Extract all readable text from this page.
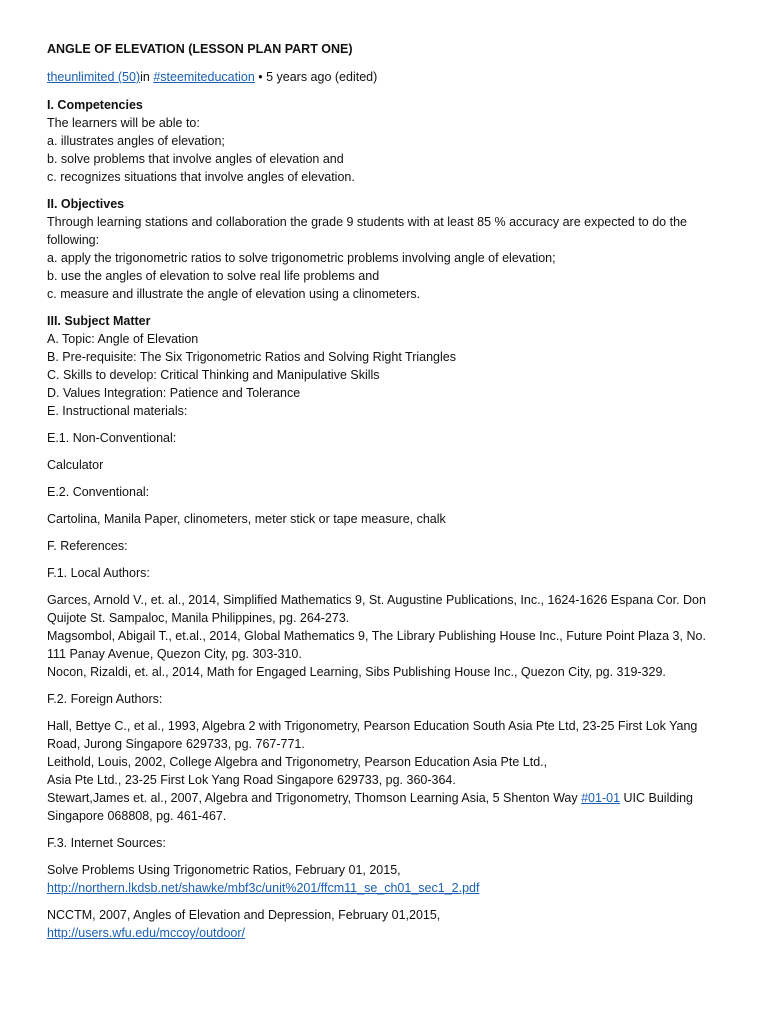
ANGLE OF ELEVATION (LESSON PLAN PART ONE)

theunlimited (50)in #steemiteducation • 5 years ago (edited)

I. Competencies

The learners will be able to:

a. illustrates angles of elevation;

b. solve problems that involve angles of elevation and

c. recognizes situations that involve angles of elevation.

II. Objectives

Through learning stations and collaboration the grade 9 students with at least 85 % accuracy are expected to do the following:

a. apply the trigonometric ratios to solve trigonometric problems involving angle of elevation;

b. use the angles of elevation to solve real life problems and

c. measure and illustrate the angle of elevation using a clinometers.

III. Subject Matter

A. Topic: Angle of Elevation

B. Pre-requisite: The Six Trigonometric Ratios and Solving Right Triangles

C. Skills to develop: Critical Thinking and Manipulative Skills

D. Values Integration: Patience and Tolerance

E. Instructional materials:

E.1. Non-Conventional:

Calculator

E.2. Conventional:

Cartolina, Manila Paper, clinometers, meter stick or tape measure, chalk

F. References:

F.1. Local Authors:

Garces, Arnold V., et. al., 2014, Simplified Mathematics 9, St. Augustine Publications, Inc., 1624-1626 Espana Cor. Don Quijote St. Sampaloc, Manila Philippines, pg. 264-273.

Magsombol, Abigail T., et.al., 2014, Global Mathematics 9, The Library Publishing House Inc., Future Point Plaza 3, No. 111 Panay Avenue, Quezon City, pg. 303-310.

Nocon, Rizaldi, et. al., 2014, Math for Engaged Learning, Sibs Publishing House Inc., Quezon City, pg. 319-329.

F.2. Foreign Authors:

Hall, Bettye C., et al., 1993, Algebra 2 with Trigonometry, Pearson Education South Asia Pte Ltd, 23-25 First Lok Yang Road, Jurong Singapore 629733, pg. 767-771.

Leithold, Louis, 2002, College Algebra and Trigonometry, Pearson Education Asia Pte Ltd.,

Asia Pte Ltd., 23-25 First Lok Yang Road Singapore 629733, pg. 360-364.

Stewart,James et. al., 2007, Algebra and Trigonometry, Thomson Learning Asia, 5 Shenton Way #01-01 UIC Building Singapore 068808, pg. 461-467.

F.3. Internet Sources:

Solve Problems Using Trigonometric Ratios, February 01, 2015,

http://northern.lkdsb.net/shawke/mbf3c/unit%201/ffcm11_se_ch01_sec1_2.pdf

NCCTM, 2007, Angles of Elevation and Depression, February 01,2015,

http://users.wfu.edu/mccoy/outdoor/
